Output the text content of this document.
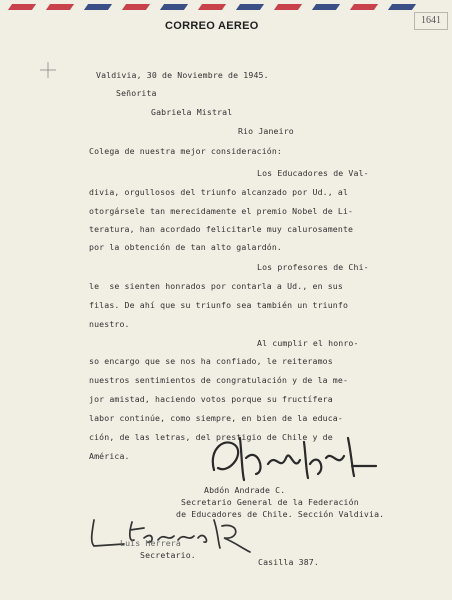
CORREO AEREO	1641
Valdivia, 30 de Noviembre de 1945.
Señorita
Gabriela Mistral
Rio Janeiro
Colega de nuestra mejor consideración:
Los Educadores de Val-
divia, orgullosos del triunfo alcanzado por Ud., al
otorgársele tan merecidamente el premio Nobel de Li-
teratura, han acordado felicitarle muy calurosamente
por la obtención de tan alto galardón.
Los profesores de Chi-
le  se sienten honrados por contarla a Ud., en sus
filas. De ahí que su triunfo sea también un triunfo
nuestro.
Al cumplir el honro-
so encargo que se nos ha confiado, le reiteramos
nuestros sentimientos de congratulación y de la me-
jor amistad, haciendo votos porque su fructífera
labor continúe, como siempre, en bien de la educa-
ción, de las letras, del prestigio de Chile y de
América.
Abdón Andrade C.
Secretario General de la Federación
de Educadores de Chile. Sección Valdivia.
Luis Herrera
Secretario.
Casilla 387.
